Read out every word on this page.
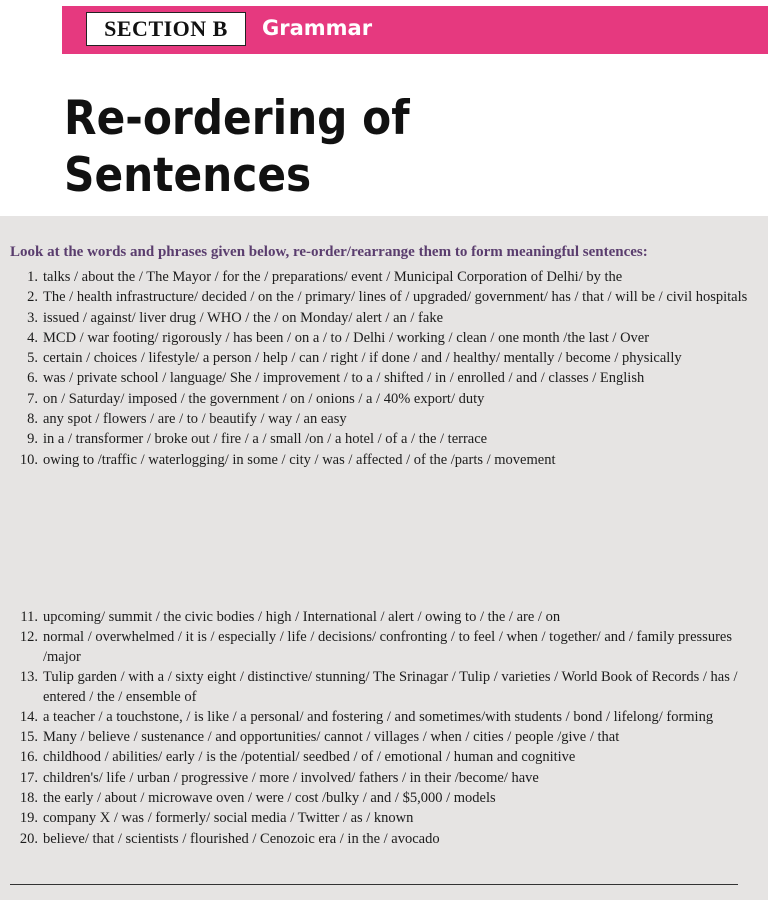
SECTION B	Grammar
Re-ordering of
Sentences

Look at the words and phrases given below, re-order/rearrange them to form meaningful sentences:

1. talks / about the / The Mayor / for the / preparations/ event / Municipal Corporation of Delhi/ by the
2. The / health infrastructure/ decided / on the / primary/ lines of / upgraded/ government/ has / that / will be / civil hospitals
3. issued / against/ liver drug / WHO / the / on Monday/ alert / an / fake
4. MCD / war footing/ rigorously / has been / on a / to / Delhi / working / clean / one month /the last / Over
5. certain / choices / lifestyle/ a person / help / can / right / if done / and / healthy/ mentally / become / physically
6. was / private school / language/ She / improvement / to a / shifted / in / enrolled / and / classes / English
7. on / Saturday/ imposed / the government / on / onions / a / 40% export/ duty
8. any spot / flowers / are / to / beautify / way / an easy
9. in a / transformer / broke out / fire / a / small /on / a hotel / of a / the / terrace
10. owing to /traffic / waterlogging/ in some / city / was / affected / of the /parts / movement
11. upcoming/ summit / the civic bodies / high / International / alert / owing to / the / are / on
12. normal / overwhelmed / it is / especially / life / decisions/ confronting / to feel / when / together/ and / family pressures /major
13. Tulip garden / with a / sixty eight / distinctive/ stunning/ The Srinagar / Tulip / varieties / World Book of Records / has / entered / the / ensemble of
14. a teacher / a touchstone, / is like / a personal/ and fostering / and sometimes/with students / bond / lifelong/ forming
15. Many / believe / sustenance / and opportunities/ cannot / villages / when / cities / people /give / that
16. childhood / abilities/ early / is the /potential/ seedbed / of / emotional / human and cognitive
17. children's/ life / urban / progressive / more / involved/ fathers / in their /become/ have
18. the early / about / microwave oven / were / cost /bulky / and / $5,000 / models
19. company X / was / formerly/ social media / Twitter / as / known
20. believe/ that / scientists / flourished / Cenozoic era / in the / avocado
